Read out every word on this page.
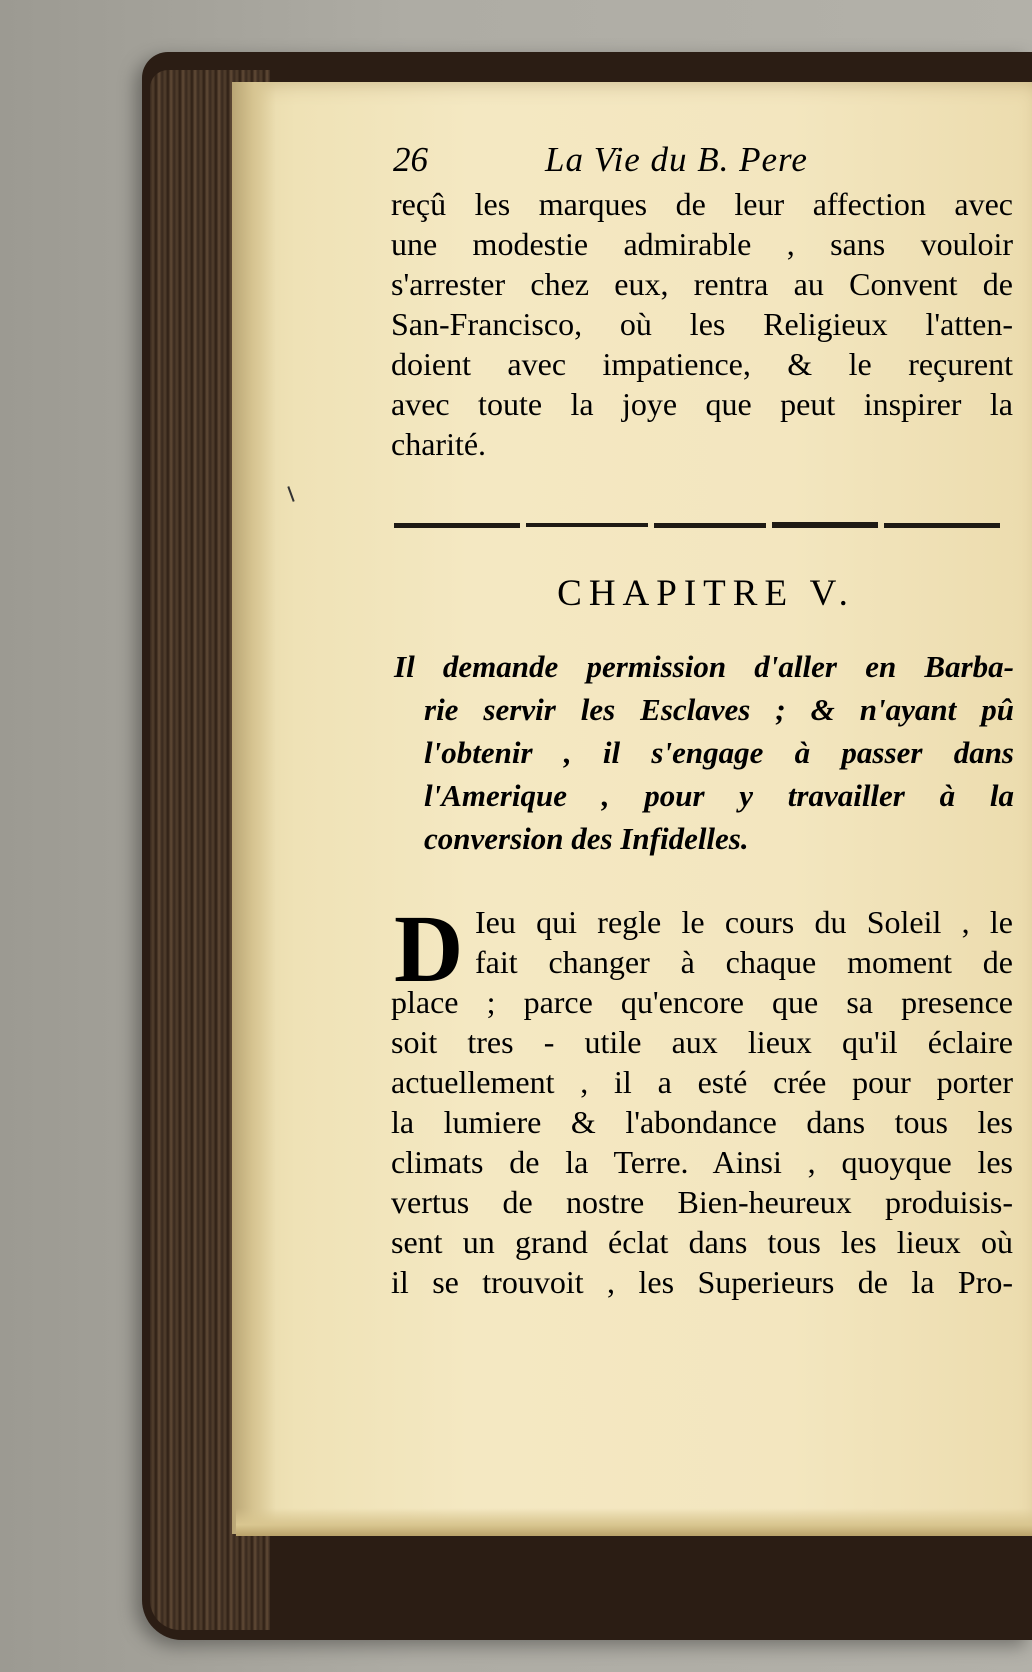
26	La Vie du B. Pere
reçû les marques de leur affection avec
une modestie admirable , sans vouloir
s'arrester chez eux, rentra au Convent de
San-Francisco, où les Religieux l'atten-
doient avec impatience, & le reçurent
avec toute la joye que peut inspirer la
charité.
CHAPITRE V.
Il demande permission d'aller en Barba-
rie servir les Esclaves ; & n'ayant pû
l'obtenir , il s'engage à passer dans
l'Amerique , pour y travailler à la
conversion des Infidelles.
D Ieu qui regle le cours du Soleil , le
fait changer à chaque moment de
place ; parce qu'encore que sa presence
soit tres - utile aux lieux qu'il éclaire
actuellement , il a esté crée pour porter
la lumiere & l'abondance dans tous les
climats de la Terre. Ainsi , quoyque les
vertus de nostre Bien-heureux produisis-
sent un grand éclat dans tous les lieux où
il se trouvoit , les Superieurs de la Pro-
